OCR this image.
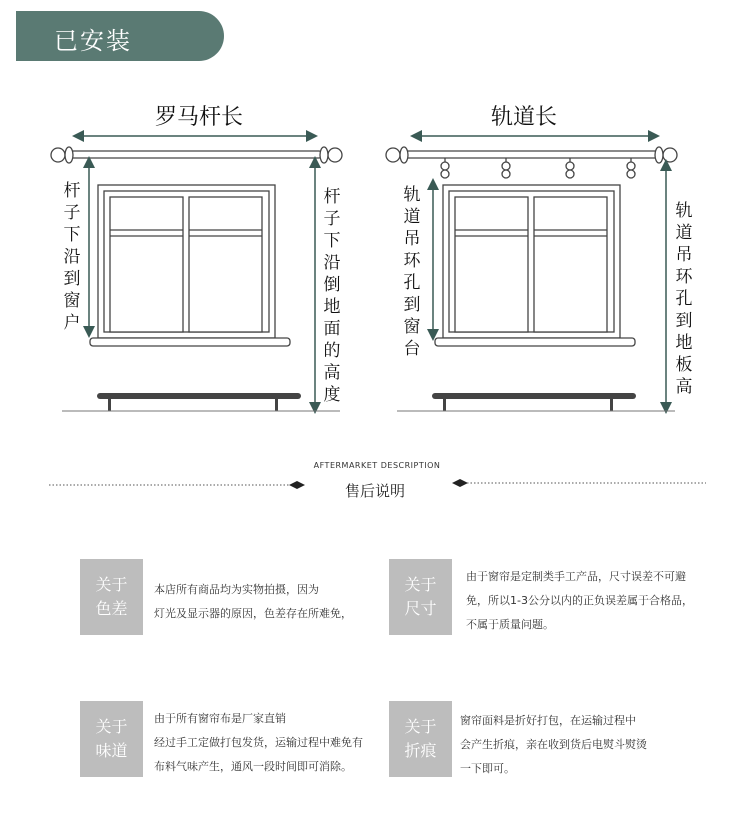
已安装
罗马杆长	轨道长
杆
子
下
沿
到
窗
户
杆
子
下
沿
倒
地
面
的
高
度
轨
道
吊
环
孔
到
窗
台
轨
道
吊
环
孔
到
地
板
高
AFTERMARKET DESCRIPTION
售后说明
关于
色差
本店所有商品均为实物拍摄，因为
灯光及显示器的原因，色差存在所难免，
关于
尺寸
由于窗帘是定制类手工产品，尺寸误差不可避
免，所以1-3公分以内的正负误差属于合格品，
不属于质量问题。
关于
味道
由于所有窗帘布是厂家直销
经过手工定做打包发货，运输过程中难免有
布料气味产生，通风一段时间即可消除。
关于
折痕
窗帘面料是折好打包，在运输过程中
会产生折痕，亲在收到货后电熨斗熨烫
一下即可。
